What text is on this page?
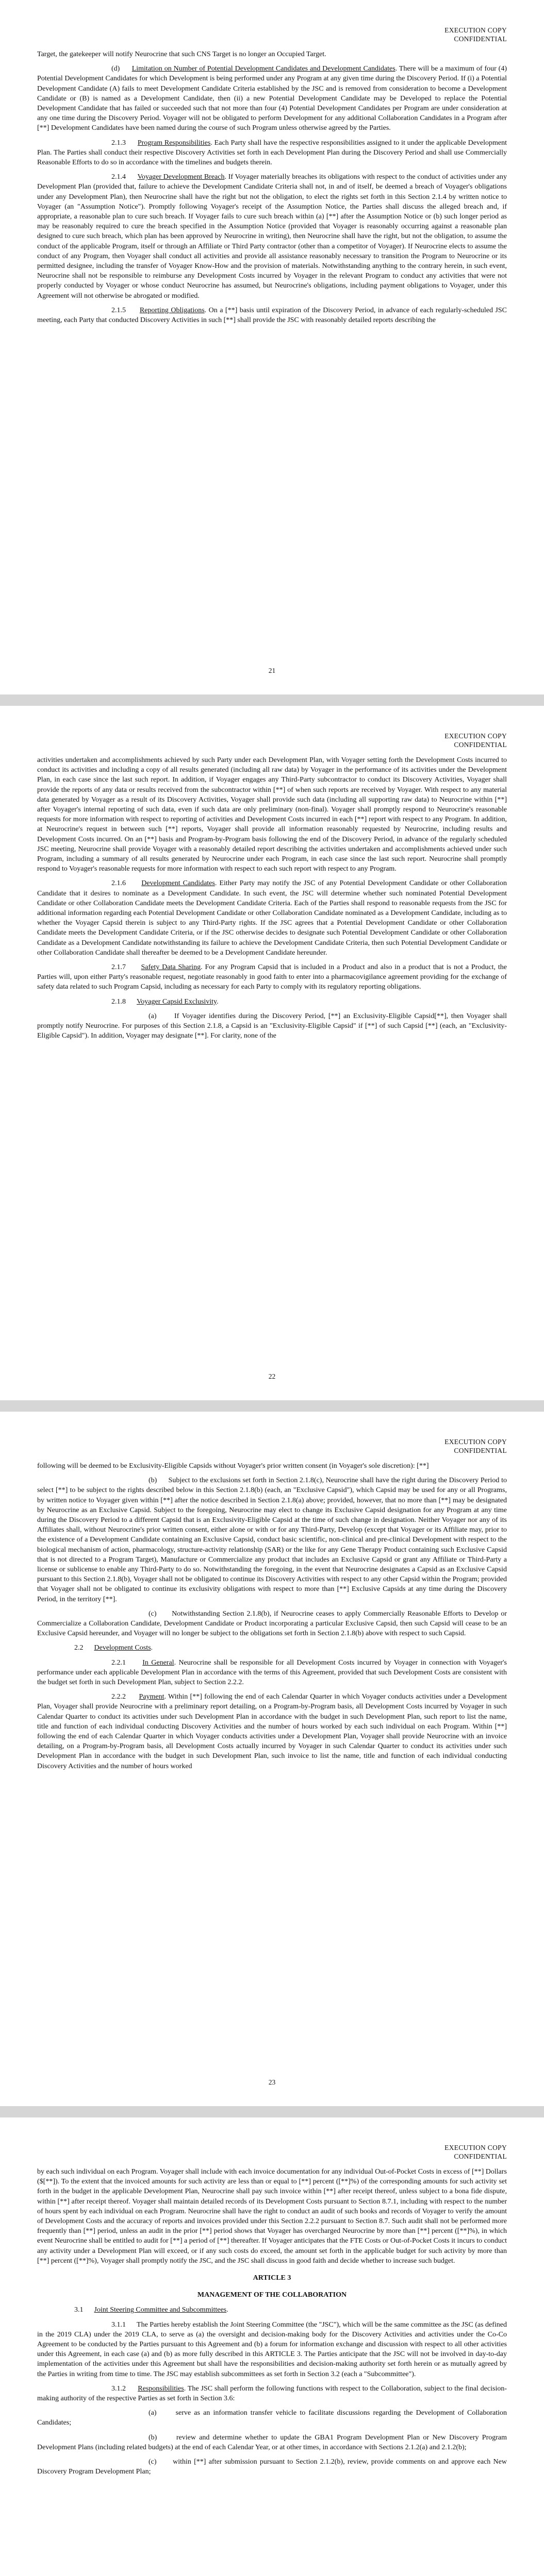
EXECUTION COPY
CONFIDENTIAL

Target, the gatekeeper will notify Neurocrine that such CNS Target is no longer an Occupied Target.

(d) Limitation on Number of Potential Development Candidates and Development Candidates. There will be a maximum of four (4) Potential Development Candidates for which Development is being performed under any Program at any given time during the Discovery Period. If (i) a Potential Development Candidate (A) fails to meet Development Candidate Criteria established by the JSC and is removed from consideration to become a Development Candidate or (B) is named as a Development Candidate, then (ii) a new Potential Development Candidate may be Developed to replace the Potential Development Candidate that has failed or succeeded such that not more than four (4) Potential Development Candidates per Program are under consideration at any one time during the Discovery Period. Voyager will not be obligated to perform Development for any additional Collaboration Candidates in a Program after [**] Development Candidates have been named during the course of such Program unless otherwise agreed by the Parties.

2.1.3 Program Responsibilities. Each Party shall have the respective responsibilities assigned to it under the applicable Development Plan. The Parties shall conduct their respective Discovery Activities set forth in each Development Plan during the Discovery Period and shall use Commercially Reasonable Efforts to do so in accordance with the timelines and budgets therein.

2.1.4 Voyager Development Breach. If Voyager materially breaches its obligations with respect to the conduct of activities under any Development Plan (provided that, failure to achieve the Development Candidate Criteria shall not, in and of itself, be deemed a breach of Voyager's obligations under any Development Plan), then Neurocrine shall have the right but not the obligation, to elect the rights set forth in this Section 2.1.4 by written notice to Voyager (an "Assumption Notice"). Promptly following Voyager's receipt of the Assumption Notice, the Parties shall discuss the alleged breach and, if appropriate, a reasonable plan to cure such breach. If Voyager fails to cure such breach within (a) [**] after the Assumption Notice or (b) such longer period as may be reasonably required to cure the breach specified in the Assumption Notice (provided that Voyager is reasonably occurring against a reasonable plan designed to cure such breach, which plan has been approved by Neurocrine in writing), then Neurocrine shall have the right, but not the obligation, to assume the conduct of the applicable Program, itself or through an Affiliate or Third Party contractor (other than a competitor of Voyager). If Neurocrine elects to assume the conduct of any Program, then Voyager shall conduct all activities and provide all assistance reasonably necessary to transition the Program to Neurocrine or its permitted designee, including the transfer of Voyager Know-How and the provision of materials. Notwithstanding anything to the contrary herein, in such event, Neurocrine shall not be responsible to reimburse any Development Costs incurred by Voyager in the relevant Program to conduct any activities that were not properly conducted by Voyager or whose conduct Neurocrine has assumed, but Neurocrine's obligations, including payment obligations to Voyager, under this Agreement will not otherwise be abrogated or modified.

2.1.5 Reporting Obligations. On a [**] basis until expiration of the Discovery Period, in advance of each regularly-scheduled JSC meeting, each Party that conducted Discovery Activities in such [**] shall provide the JSC with reasonably detailed reports describing the

21
EXECUTION COPY
CONFIDENTIAL

activities undertaken and accomplishments achieved by such Party under each Development Plan, with Voyager setting forth the Development Costs incurred to conduct its activities and including a copy of all results generated (including all raw data) by Voyager in the performance of its activities under the Development Plan, in each case since the last such report. In addition, if Voyager engages any Third-Party subcontractor to conduct its Discovery Activities, Voyager shall provide the reports of any data or results received from the subcontractor within [**] of when such reports are received by Voyager. With respect to any material data generated by Voyager as a result of its Discovery Activities, Voyager shall provide such data (including all supporting raw data) to Neurocrine within [**] after Voyager's internal reporting of such data, even if such data are only preliminary (non-final). Voyager shall promptly respond to Neurocrine's reasonable requests for more information with respect to reporting of activities and Development Costs incurred in each [**] report with respect to any Program. In addition, at Neurocrine's request in between such [**] reports, Voyager shall provide all information reasonably requested by Neurocrine, including results and Development Costs incurred. On an [**] basis and Program-by-Program basis following the end of the Discovery Period, in advance of the regularly scheduled JSC meeting, Neurocrine shall provide Voyager with a reasonably detailed report describing the activities undertaken and accomplishments achieved under such Program, including a summary of all results generated by Neurocrine under each Program, in each case since the last such report. Neurocrine shall promptly respond to Voyager's reasonable requests for more information with respect to each such report with respect to any Program.

2.1.6 Development Candidates. Either Party may notify the JSC of any Potential Development Candidate or other Collaboration Candidate that it desires to nominate as a Development Candidate. In such event, the JSC will determine whether such nominated Potential Development Candidate or other Collaboration Candidate meets the Development Candidate Criteria. Each of the Parties shall respond to reasonable requests from the JSC for additional information regarding each Potential Development Candidate or other Collaboration Candidate nominated as a Development Candidate, including as to whether the Voyager Capsid therein is subject to any Third-Party rights. If the JSC agrees that a Potential Development Candidate or other Collaboration Candidate meets the Development Candidate Criteria, or if the JSC otherwise decides to designate such Potential Development Candidate or other Collaboration Candidate as a Development Candidate notwithstanding its failure to achieve the Development Candidate Criteria, then such Potential Development Candidate or other Collaboration Candidate shall thereafter be deemed to be a Development Candidate hereunder.

2.1.7 Safety Data Sharing. For any Program Capsid that is included in a Product and also in a product that is not a Product, the Parties will, upon either Party's reasonable request, negotiate reasonably in good faith to enter into a pharmacovigilance agreement providing for the exchange of safety data related to such Program Capsid, including as necessary for each Party to comply with its regulatory reporting obligations.

2.1.8 Voyager Capsid Exclusivity.

(a) If Voyager identifies during the Discovery Period, [**] an Exclusivity-Eligible Capsid[**], then Voyager shall promptly notify Neurocrine. For purposes of this Section 2.1.8, a Capsid is an "Exclusivity-Eligible Capsid" if [**] of such Capsid [**] (each, an "Exclusivity-Eligible Capsid"). In addition, Voyager may designate [**]. For clarity, none of the

22
EXECUTION COPY
CONFIDENTIAL

following will be deemed to be Exclusivity-Eligible Capsids without Voyager's prior written consent (in Voyager's sole discretion): [**]

(b) Subject to the exclusions set forth in Section 2.1.8(c), Neurocrine shall have the right during the Discovery Period to select [**] to be subject to the rights described below in this Section 2.1.8(b) (each, an "Exclusive Capsid"), which Capsid may be used for any or all Programs, by written notice to Voyager given within [**] after the notice described in Section 2.1.8(a) above; provided, however, that no more than [**] may be designated by Neurocrine as an Exclusive Capsid. Subject to the foregoing, Neurocrine may elect to change its Exclusive Capsid designation for any Program at any time during the Discovery Period to a different Capsid that is an Exclusivity-Eligible Capsid at the time of such change in designation. Neither Voyager nor any of its Affiliates shall, without Neurocrine's prior written consent, either alone or with or for any Third-Party, Develop (except that Voyager or its Affiliate may, prior to the existence of a Development Candidate containing an Exclusive Capsid, conduct basic scientific, non-clinical and pre-clinical Development with respect to the biological mechanism of action, pharmacology, structure-activity relationship (SAR) or the like for any Gene Therapy Product containing such Exclusive Capsid that is not directed to a Program Target), Manufacture or Commercialize any product that includes an Exclusive Capsid or grant any Affiliate or Third-Party a license or sublicense to enable any Third-Party to do so. Notwithstanding the foregoing, in the event that Neurocrine designates a Capsid as an Exclusive Capsid pursuant to this Section 2.1.8(b), Voyager shall not be obligated to continue its Discovery Activities with respect to any other Capsid within the Program; provided that Voyager shall not be obligated to continue its exclusivity obligations with respect to more than [**] Exclusive Capsids at any time during the Discovery Period, in the territory [**].

(c) Notwithstanding Section 2.1.8(b), if Neurocrine ceases to apply Commercially Reasonable Efforts to Develop or Commercialize a Collaboration Candidate, Development Candidate or Product incorporating a particular Exclusive Capsid, then such Capsid will cease to be an Exclusive Capsid hereunder, and Voyager will no longer be subject to the obligations set forth in Section 2.1.8(b) above with respect to such Capsid.

2.2 Development Costs.

2.2.1 In General. Neurocrine shall be responsible for all Development Costs incurred by Voyager in connection with Voyager's performance under each applicable Development Plan in accordance with the terms of this Agreement, provided that such Development Costs are consistent with the budget set forth in such Development Plan, subject to Section 2.2.2.

2.2.2 Payment. Within [**] following the end of each Calendar Quarter in which Voyager conducts activities under a Development Plan, Voyager shall provide Neurocrine with a preliminary report detailing, on a Program-by-Program basis, all Development Costs incurred by Voyager in such Calendar Quarter to conduct its activities under such Development Plan in accordance with the budget in such Development Plan, such report to list the name, title and function of each individual conducting Discovery Activities and the number of hours worked by each such individual on each Program. Within [**] following the end of each Calendar Quarter in which Voyager conducts activities under a Development Plan, Voyager shall provide Neurocrine with an invoice detailing, on a Program-by-Program basis, all Development Costs actually incurred by Voyager in such Calendar Quarter to conduct its activities under such Development Plan in accordance with the budget in such Development Plan, such invoice to list the name, title and function of each individual conducting Discovery Activities and the number of hours worked

23
EXECUTION COPY
CONFIDENTIAL

by each such individual on each Program. Voyager shall include with each invoice documentation for any individual Out-of-Pocket Costs in excess of [**] Dollars ($[**]). To the extent that the invoiced amounts for such activity are less than or equal to [**] percent ([**]%) of the corresponding amounts for such activity set forth in the budget in the applicable Development Plan, Neurocrine shall pay such invoice within [**] after receipt thereof, unless subject to a bona fide dispute, within [**] after receipt thereof. Voyager shall maintain detailed records of its Development Costs pursuant to Section 8.7.1, including with respect to the number of hours spent by each individual on each Program. Neurocrine shall have the right to conduct an audit of such books and records of Voyager to verify the amount of Development Costs and the accuracy of reports and invoices provided under this Section 2.2.2 pursuant to Section 8.7. Such audit shall not be performed more frequently than [**] period, unless an audit in the prior [**] period shows that Voyager has overcharged Neurocrine by more than [**] percent ([**]%), in which event Neurocrine shall be entitled to audit for [**] a period of [**] thereafter. If Voyager anticipates that the FTE Costs or Out-of-Pocket Costs it incurs to conduct any activity under a Development Plan will exceed, or if any such costs do exceed, the amount set forth in the applicable budget for such activity by more than [**] percent ([**]%), Voyager shall promptly notify the JSC, and the JSC shall discuss in good faith and decide whether to increase such budget.

ARTICLE 3

MANAGEMENT OF THE COLLABORATION

3.1 Joint Steering Committee and Subcommittees.

3.1.1 The Parties hereby establish the Joint Steering Committee (the "JSC"), which will be the same committee as the JSC (as defined in the 2019 CLA) under the 2019 CLA, to serve as (a) the oversight and decision-making body for the Discovery Activities and activities under the Co-Co Agreement to be conducted by the Parties pursuant to this Agreement and (b) a forum for information exchange and discussion with respect to all other activities under this Agreement, in each case (a) and (b) as more fully described in this ARTICLE 3. The Parties anticipate that the JSC will not be involved in day-to-day implementation of the activities under this Agreement but shall have the responsibilities and decision-making authority set forth herein or as mutually agreed by the Parties in writing from time to time. The JSC may establish subcommittees as set forth in Section 3.2 (each a "Subcommittee").

3.1.2 Responsibilities. The JSC shall perform the following functions with respect to the Collaboration, subject to the final decision-making authority of the respective Parties as set forth in Section 3.6:

(a)	serve as an information transfer vehicle to facilitate discussions regarding the Development of Collaboration Candidates;

(b)	review and determine whether to update the GBA1 Program Development Plan or New Discovery Program Development Plans (including related budgets) at the end of each Calendar Year, or at other times, in accordance with Sections 2.1.2(a) and 2.1.2(b);

(c) within [**] after submission pursuant to Section 2.1.2(b), review, provide comments on and approve each New Discovery Program Development Plan;
